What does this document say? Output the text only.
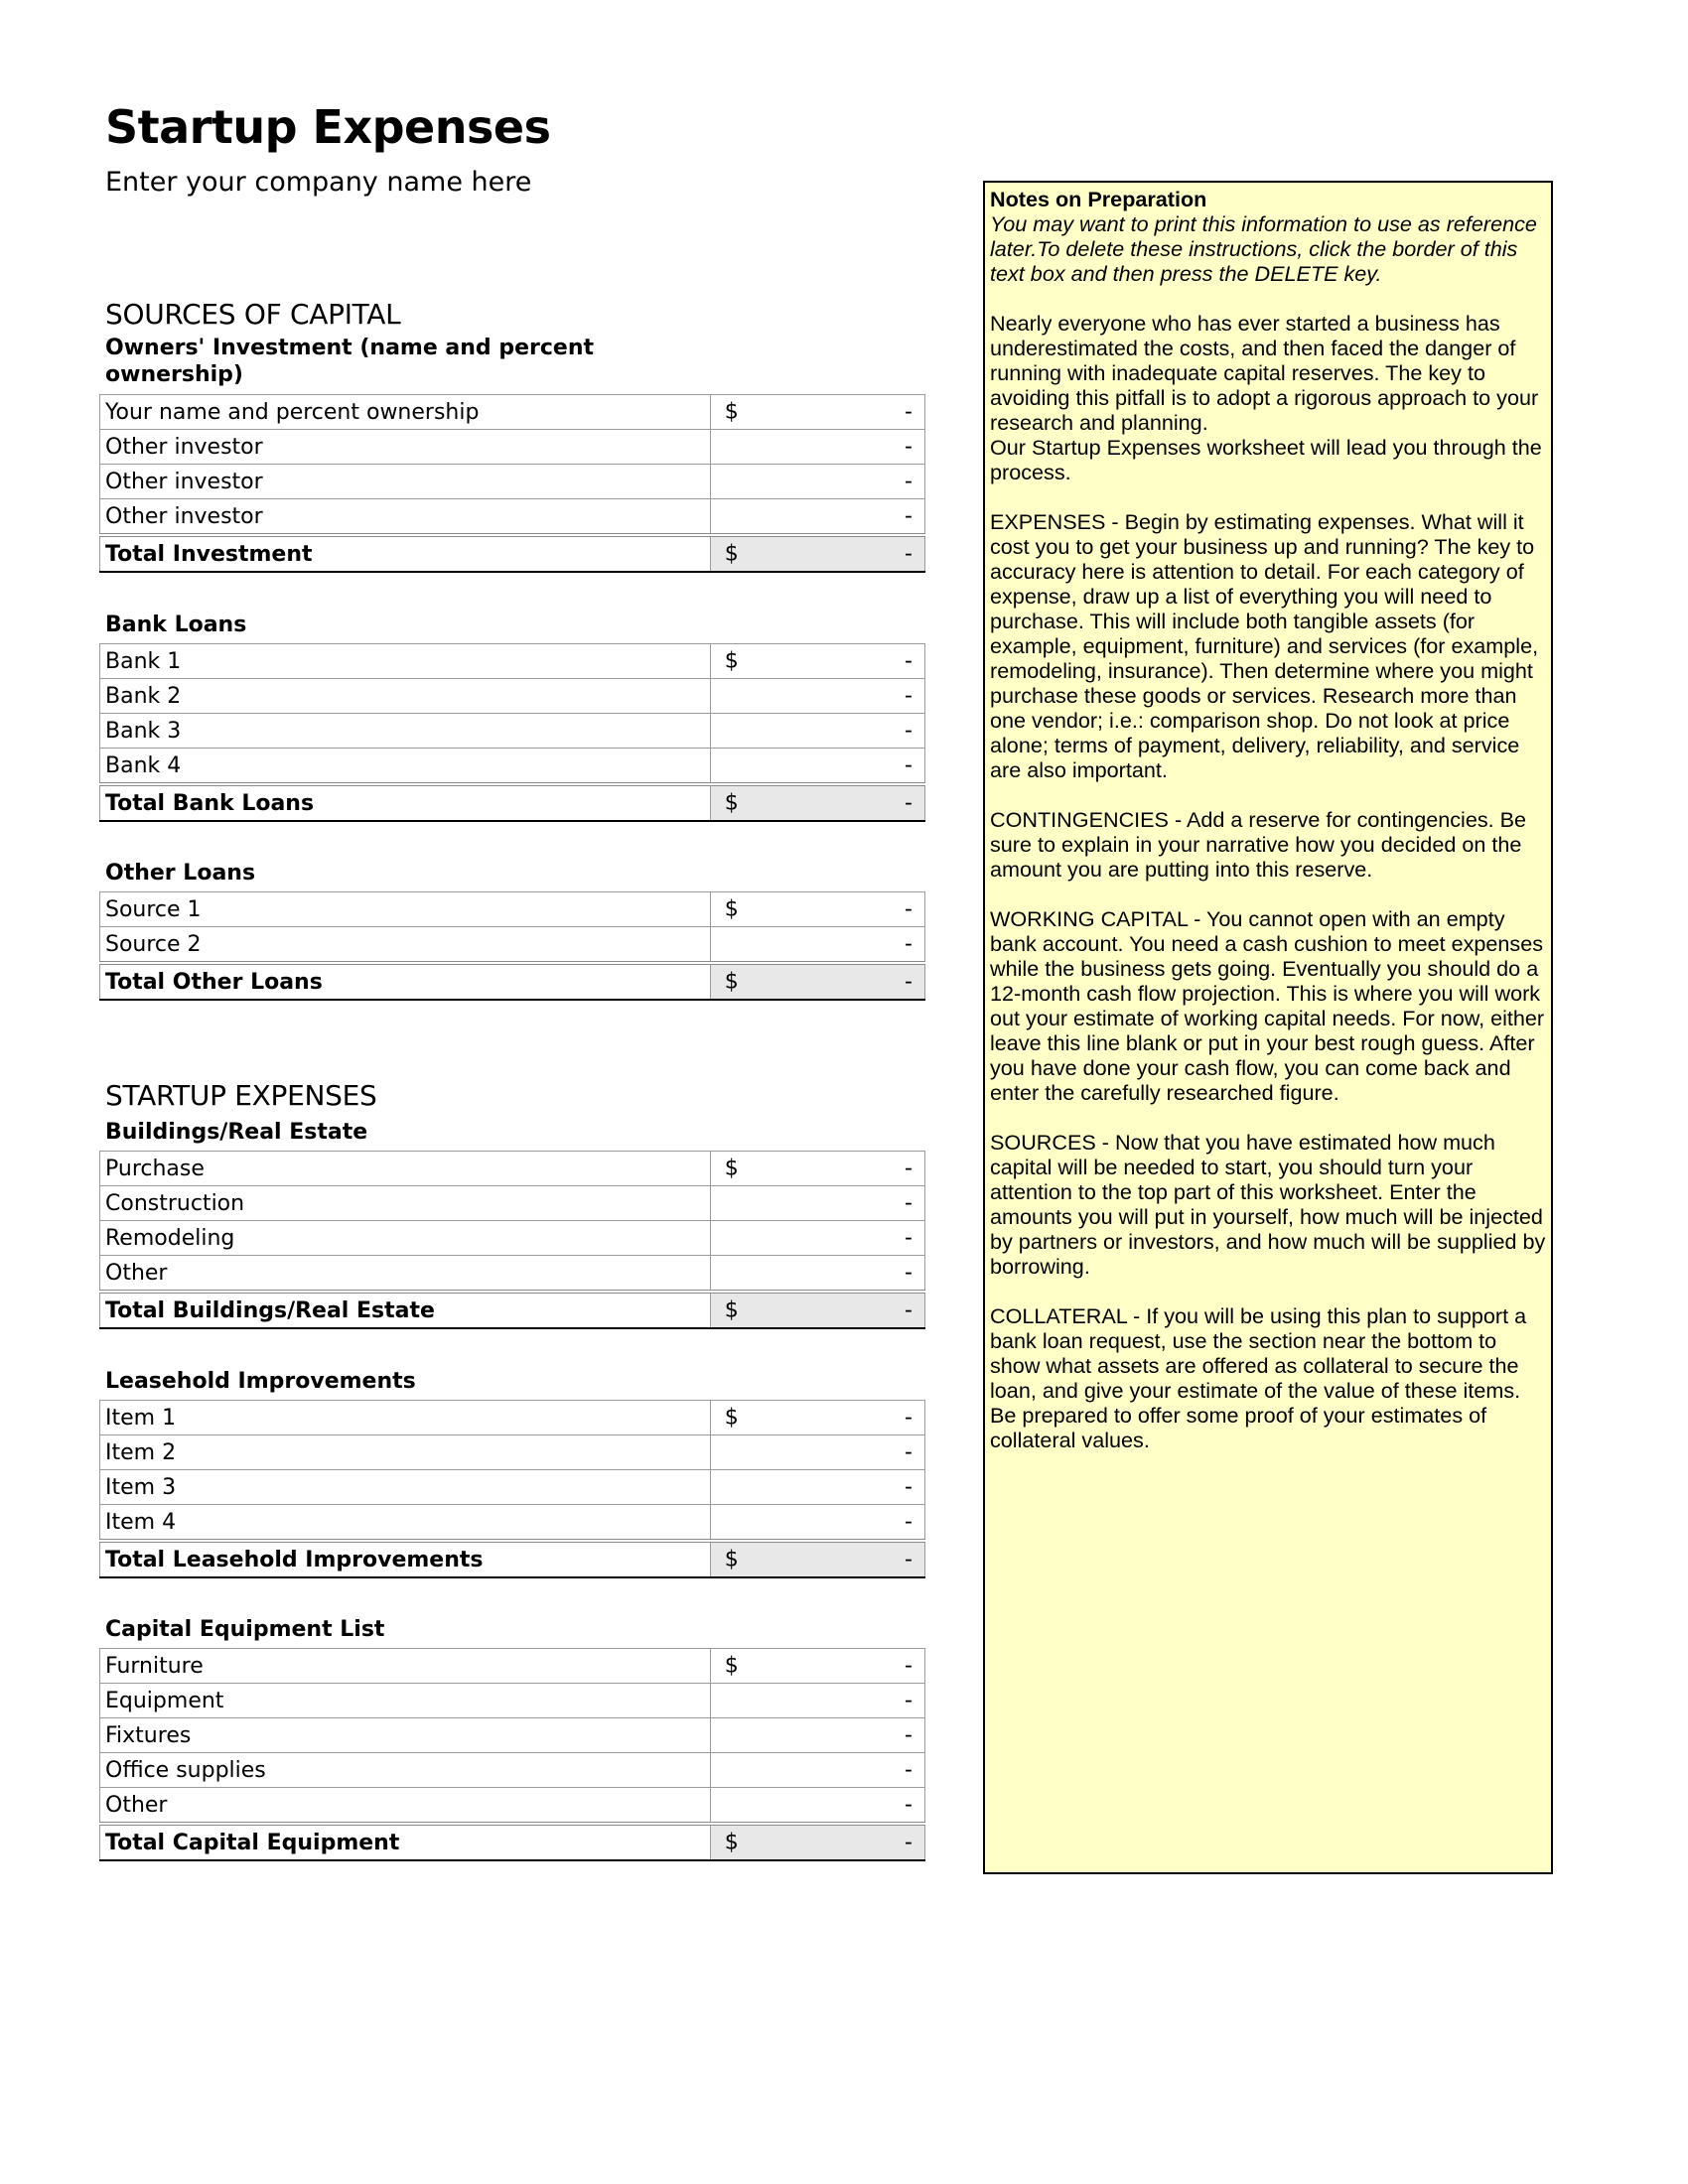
Startup Expenses
Enter your company name here
SOURCES OF CAPITAL
Owners' Investment (name and percent ownership)
Your name and percent ownership	$ -

Other investor	-

Other investor	-

Other investor	-

Total Investment	$ -
Bank Loans
Bank 1	$ -

Bank 2	-

Bank 3	-

Bank 4	-

Total Bank Loans	$ -
Other Loans
Source 1	$ -

Source 2	-

Total Other Loans	$ -
STARTUP EXPENSES
Buildings/Real Estate
Purchase	$ -

Construction	-

Remodeling	-

Other	-

Total Buildings/Real Estate	$ -
Leasehold Improvements
Item 1	$ -

Item 2	-

Item 3	-

Item 4	-

Total Leasehold Improvements	$ -
Capital Equipment List
Furniture	$ -

Equipment	-

Fixtures	-

Office supplies	-

Other	-

Total Capital Equipment	$ -
Notes on Preparation
You may want to print this information to use as reference later.To delete these instructions, click the border of this text box and then press the DELETE key.

Nearly everyone who has ever started a business has underestimated the costs, and then faced the danger of running with inadequate capital reserves. The key to avoiding this pitfall is to adopt a rigorous approach to your research and planning.

Our Startup Expenses worksheet will lead you through the process.

EXPENSES - Begin by estimating expenses. What will it cost you to get your business up and running? The key to accuracy here is attention to detail. For each category of expense, draw up a list of everything you will need to purchase. This will include both tangible assets (for example, equipment, furniture) and services (for example, remodeling, insurance). Then determine where you might purchase these goods or services. Research more than one vendor; i.e.: comparison shop. Do not look at price alone; terms of payment, delivery, reliability, and service are also important.

CONTINGENCIES - Add a reserve for contingencies. Be sure to explain in your narrative how you decided on the amount you are putting into this reserve.

WORKING CAPITAL - You cannot open with an empty bank account. You need a cash cushion to meet expenses while the business gets going. Eventually you should do a 12-month cash flow projection. This is where you will work out your estimate of working capital needs. For now, either leave this line blank or put in your best rough guess. After you have done your cash flow, you can come back and enter the carefully researched figure.

SOURCES - Now that you have estimated how much capital will be needed to start, you should turn your attention to the top part of this worksheet. Enter the amounts you will put in yourself, how much will be injected by partners or investors, and how much will be supplied by borrowing.

COLLATERAL - If you will be using this plan to support a bank loan request, use the section near the bottom to show what assets are offered as collateral to secure the loan, and give your estimate of the value of these items. Be prepared to offer some proof of your estimates of collateral values.
